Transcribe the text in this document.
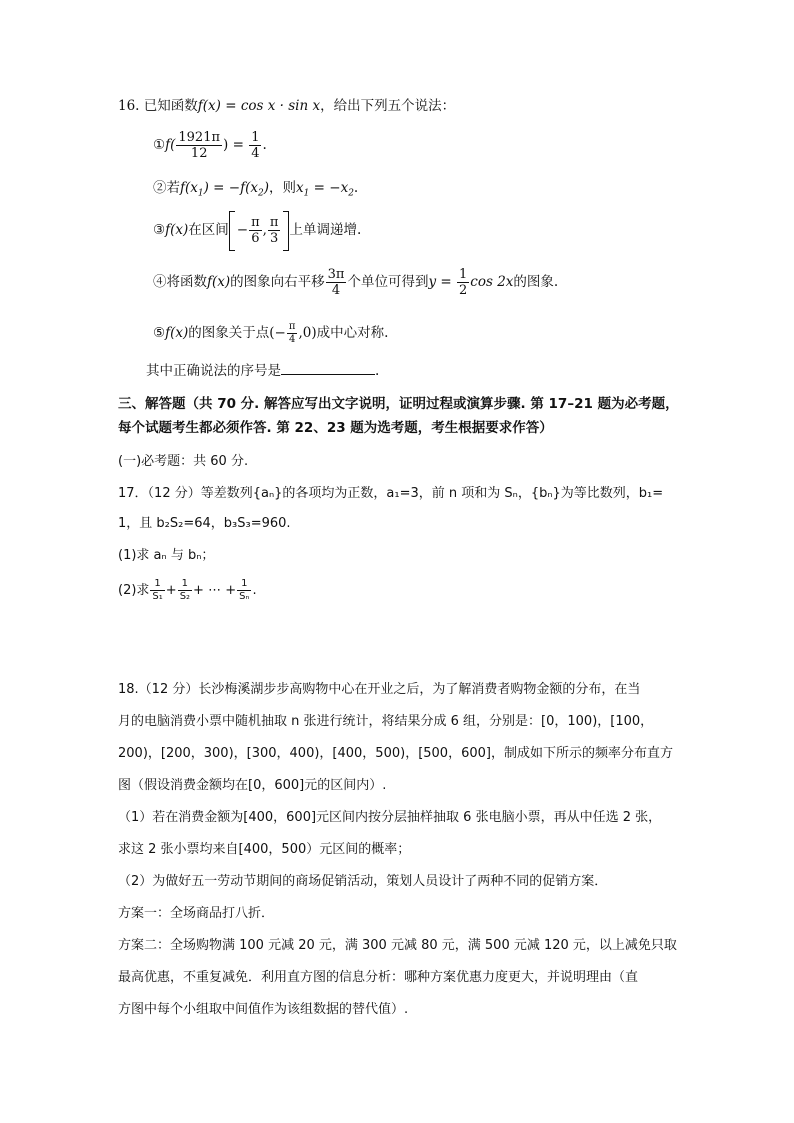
16. 已知函数f(x) = cos x · sin x，给出下列五个说法：
①f( $\frac{1921\pi}{12}$ ) = $\frac{1}{4}$ .
②若$f(x_1) = -f(x_2)$，则$x_1 = -x_2$.
③f(x)在区间 − $\frac{\pi}{6}$ , $\frac{\pi}{3}$ 上单调递增.
④将函数f(x)的图象向右平移 $\frac{3\pi}{4}$ 个单位可得到$y = \frac{1}{2}$ cos 2x的图象.
⑤f(x)的图象关于点(− $\frac{\pi}{4} ,0$)成中心对称.
其中正确说法的序号是	.
三、解答题（共 70 分. 解答应写出文字说明，证明过程或演算步骤. 第 17–21 题为必考题，
每个试题考生都必须作答. 第 22、23 题为选考题，考生根据要求作答）
(一)必考题：共 60 分.
17．（12 分）等差数列{aₙ}的各项均为正数，a₁=3，前 n 项和为 Sₙ，{bₙ}为等比数列，b₁=
1，且 b₂S₂=64，b₃S₃=960.
(1)求 aₙ 与 bₙ；
(2)求 $\frac{1}{\text{S₁}} + \frac{1}{\text{S₂}}$ + ⋯ + $\frac{1}{\text{Sₙ}}$ .
18.（12 分）长沙梅溪湖步步高购物中心在开业之后，为了解消费者购物金额的分布，在当
月的电脑消费小票中随机抽取 n 张进行统计，将结果分成 6 组，分别是：[0，100)，[100，
200)，[200，300)，[300，400)，[400，500)，[500，600]，制成如下所示的频率分布直方
图（假设消费金额均在[0，600]元的区间内）.
（1）若在消费金额为[400，600]元区间内按分层抽样抽取 6 张电脑小票，再从中任选 2 张，
求这 2 张小票均来自[400，500）元区间的概率；
（2）为做好五一劳动节期间的商场促销活动，策划人员设计了两种不同的促销方案．
方案一：全场商品打八折．
方案二：全场购物满 100 元减 20 元，满 300 元减 80 元，满 500 元减 120 元，以上减免只取
最高优惠，不重复减免．利用直方图的信息分析：哪种方案优惠力度更大，并说明理由（直
方图中每个小组取中间值作为该组数据的替代值）.
